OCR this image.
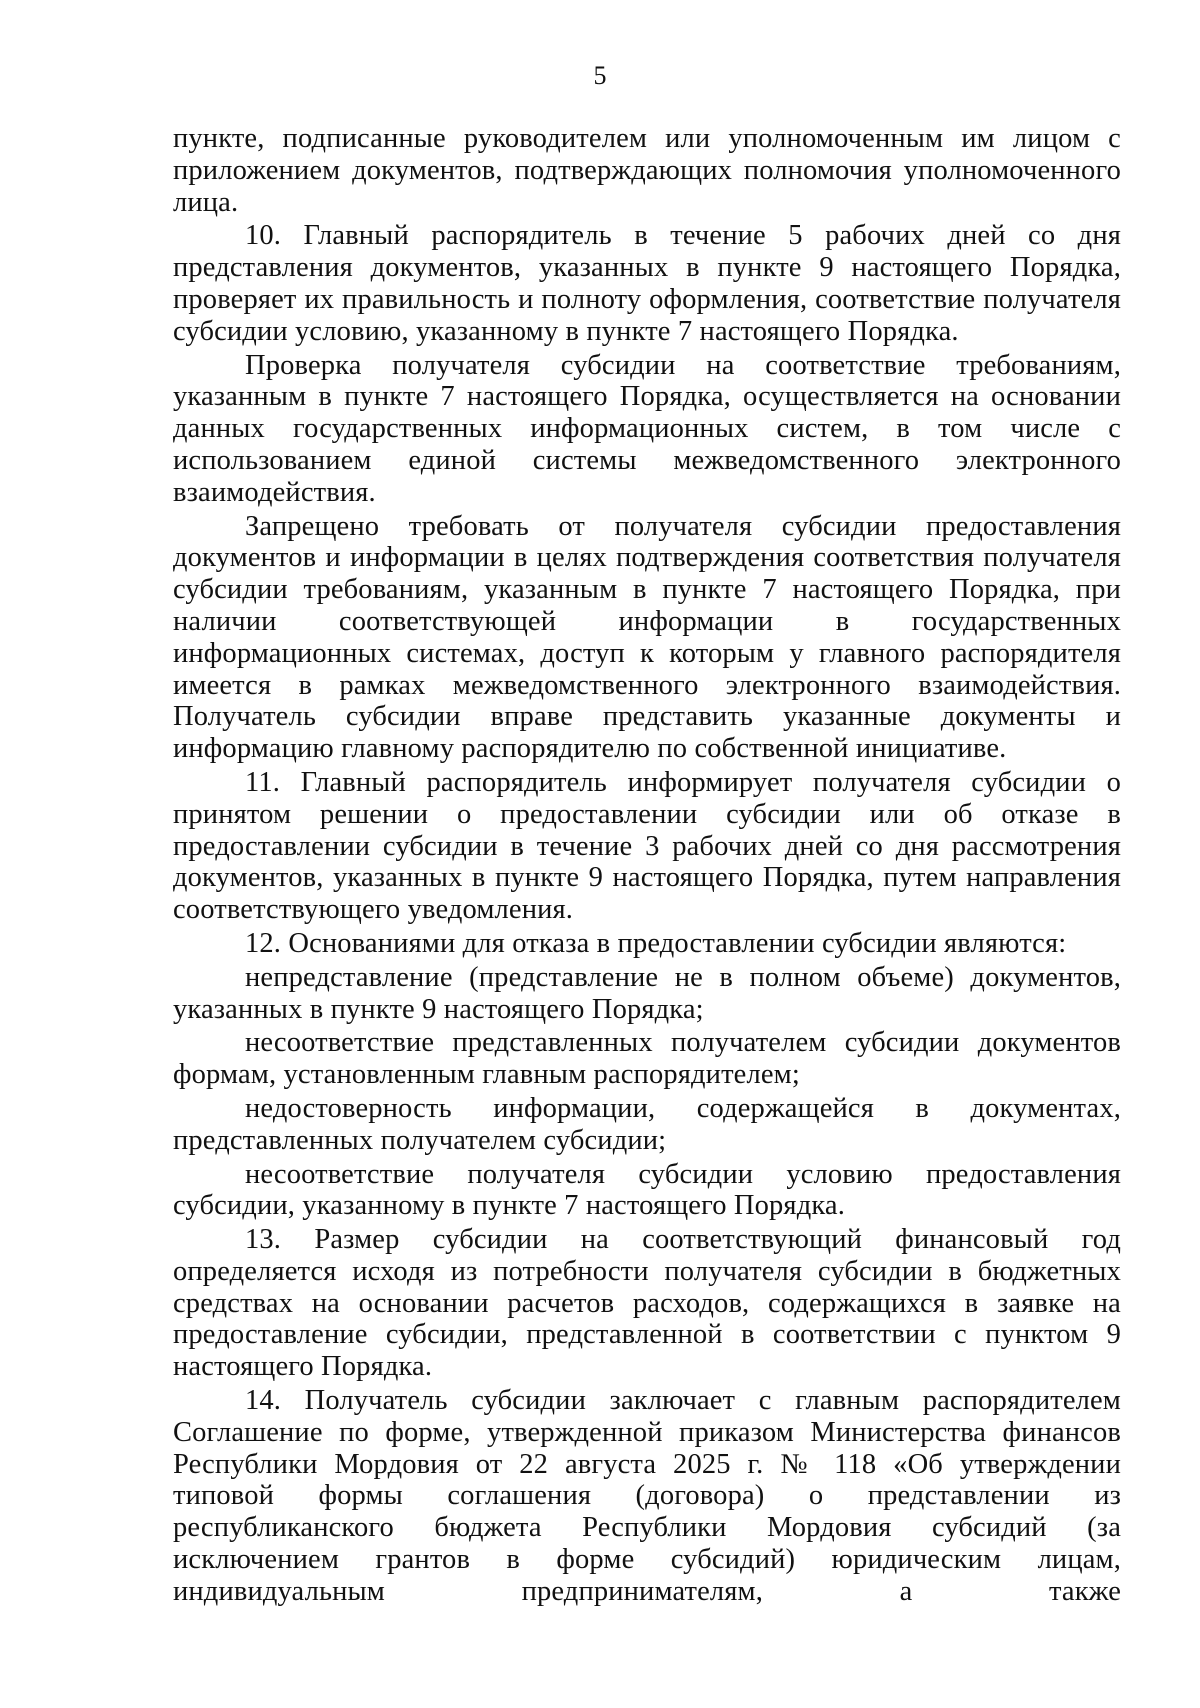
5

пункте, подписанные руководителем или уполномоченным им лицом с приложением документов, подтверждающих полномочия уполномоченного лица.

10. Главный распорядитель в течение 5 рабочих дней со дня представления документов, указанных в пункте 9 настоящего Порядка, проверяет их правильность и полноту оформления, соответствие получателя субсидии условию, указанному в пункте 7 настоящего Порядка.

Проверка получателя субсидии на соответствие требованиям, указанным в пункте 7 настоящего Порядка, осуществляется на основании данных государственных информационных систем, в том числе с использованием единой системы межведомственного электронного взаимодействия.

Запрещено требовать от получателя субсидии предоставления документов и информации в целях подтверждения соответствия получателя субсидии требованиям, указанным в пункте 7 настоящего Порядка, при наличии соответствующей информации в государственных информационных системах, доступ к которым у главного распорядителя имеется в рамках межведомственного электронного взаимодействия. Получатель субсидии вправе представить указанные документы и информацию главному распорядителю по собственной инициативе.

11. Главный распорядитель информирует получателя субсидии о принятом решении о предоставлении субсидии или об отказе в предоставлении субсидии в течение 3 рабочих дней со дня рассмотрения документов, указанных в пункте 9 настоящего Порядка, путем направления соответствующего уведомления.

12. Основаниями для отказа в предоставлении субсидии являются:

непредставление (представление не в полном объеме) документов, указанных в пункте 9 настоящего Порядка;

несоответствие представленных получателем субсидии документов формам, установленным главным распорядителем;

недостоверность информации, содержащейся в документах, представленных получателем субсидии;

несоответствие получателя субсидии условию предоставления субсидии, указанному в пункте 7 настоящего Порядка.

13. Размер субсидии на соответствующий финансовый год определяется исходя из потребности получателя субсидии в бюджетных средствах на основании расчетов расходов, содержащихся в заявке на предоставление субсидии, представленной в соответствии с пунктом 9 настоящего Порядка.

14. Получатель субсидии заключает с главным распорядителем Соглашение по форме, утвержденной приказом Министерства финансов Республики Мордовия от 22 августа 2025 г. № 118 «Об утверждении типовой формы соглашения (договора) о представлении из республиканского бюджета Республики Мордовия субсидий (за исключением грантов в форме субсидий) юридическим лицам, индивидуальным предпринимателям, а также
